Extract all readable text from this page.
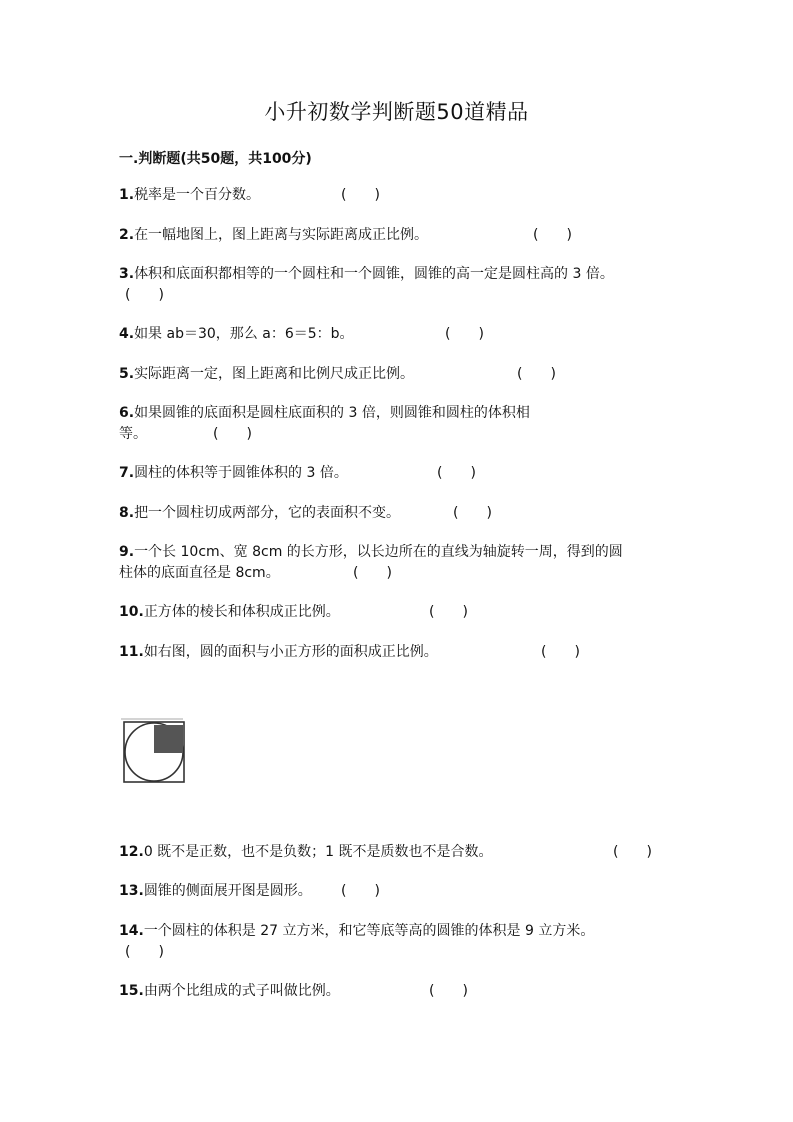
小升初数学判断题50道精品
一.判断题(共50题，共100分)
1.税率是一个百分数。	(　　)
2.在一幅地图上，图上距离与实际距离成正比例。	(　　)
3.体积和底面积都相等的一个圆柱和一个圆锥，圆锥的高一定是圆柱高的 3 倍。
(　　)
4.如果 ab＝30，那么 a：6＝5：b。	(　　)
5.实际距离一定，图上距离和比例尺成正比例。	(　　)
6.如果圆锥的底面积是圆柱底面积的 3 倍，则圆锥和圆柱的体积相
等。	(　　)
7.圆柱的体积等于圆锥体积的 3 倍。	(　　)
8.把一个圆柱切成两部分，它的表面积不变。	(　　)
9.一个长 10cm、宽 8cm 的长方形，以长边所在的直线为轴旋转一周，得到的圆
柱体的底面直径是 8cm。	(　　)
10.正方体的棱长和体积成正比例。	(　　)
11.如右图，圆的面积与小正方形的面积成正比例。	(　　)
12.0 既不是正数，也不是负数；1 既不是质数也不是合数。	(　　)
13.圆锥的侧面展开图是圆形。 (　　)
14.一个圆柱的体积是 27 立方米，和它等底等高的圆锥的体积是 9 立方米。
(　　)
15.由两个比组成的式子叫做比例。	(　　)
